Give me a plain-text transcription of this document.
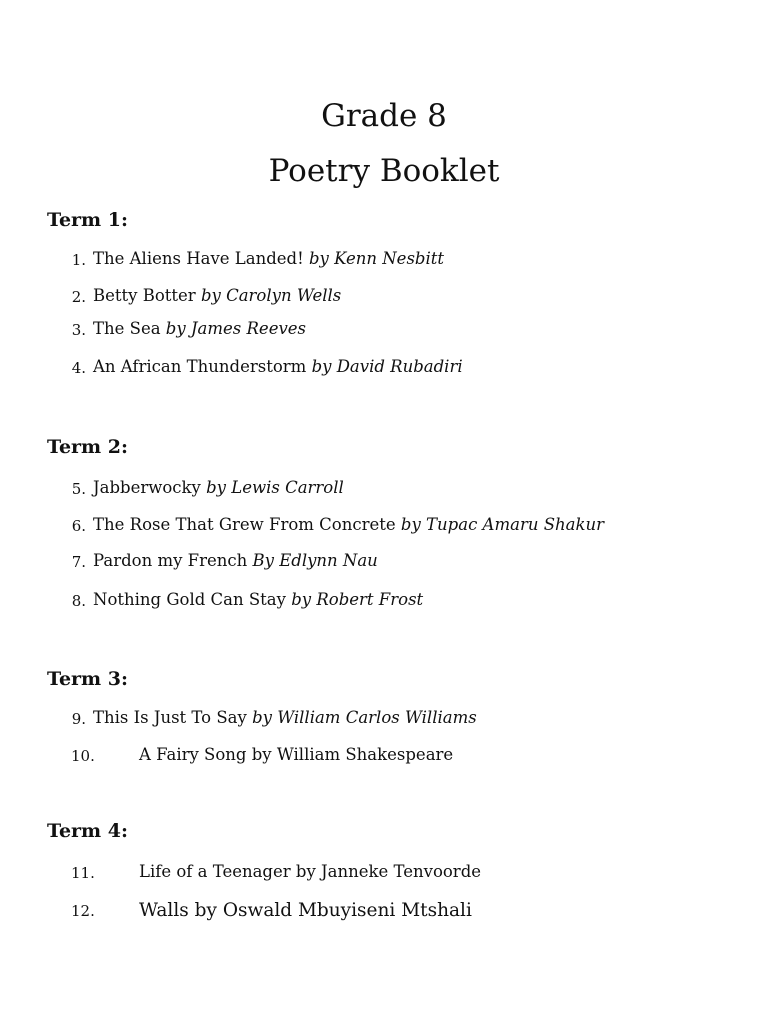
Grade 8
Poetry Booklet
Term 1:
1. The Aliens Have Landed! by Kenn Nesbitt
2. Betty Botter by Carolyn Wells
3. The Sea by James Reeves
4. An African Thunderstorm by David Rubadiri
Term 2:
5. Jabberwocky by Lewis Carroll
6. The Rose That Grew From Concrete by Tupac Amaru Shakur
7. Pardon my French By Edlynn Nau
8. Nothing Gold Can Stay by Robert Frost
Term 3:
9. This Is Just To Say by William Carlos Williams
10.	A Fairy Song by William Shakespeare
Term 4:
11.	Life of a Teenager by Janneke Tenvoorde
12. Walls by Oswald Mbuyiseni Mtshali
